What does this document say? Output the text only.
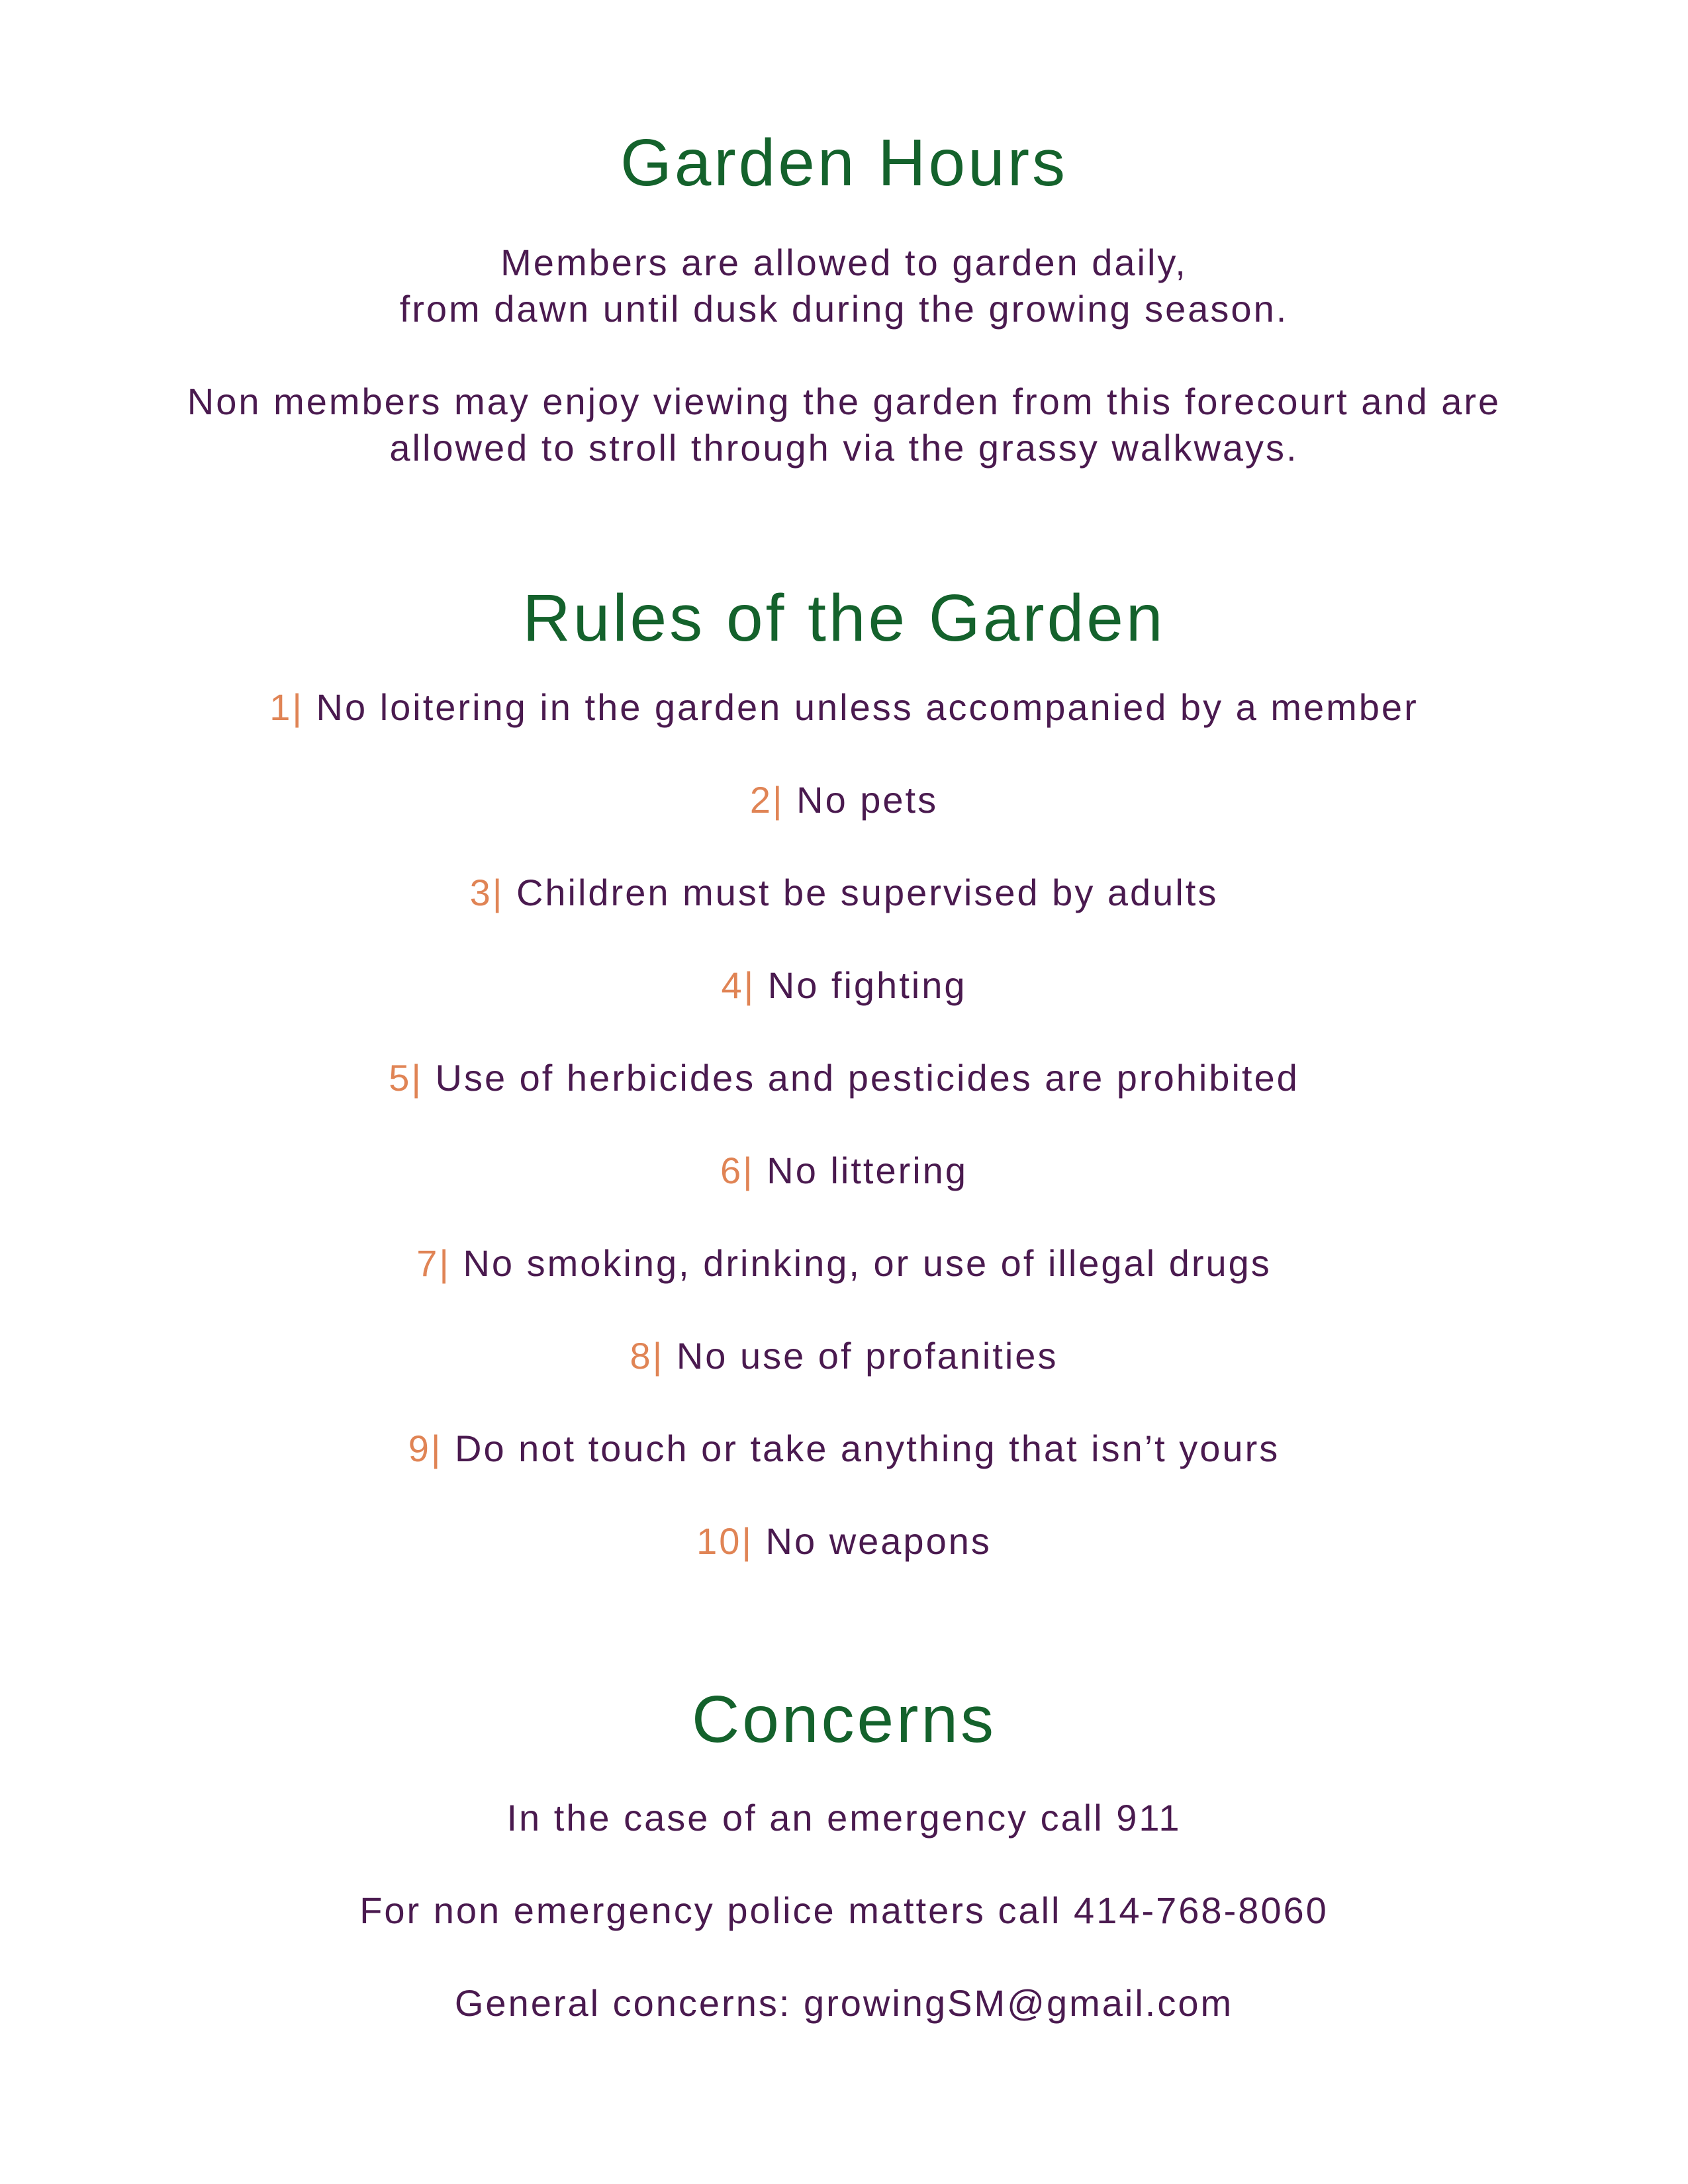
Garden Hours

Members are allowed to garden daily,

from dawn until dusk during the growing season.

Non members may enjoy viewing the garden from this forecourt and are

allowed to stroll through via the grassy walkways.

Rules of the Garden
1| No loitering in the garden unless accompanied by a member
2| No pets
3| Children must be supervised by adults
4| No fighting
5| Use of herbicides and pesticides are prohibited
6| No littering
7| No smoking, drinking, or use of illegal drugs
8| No use of profanities
9| Do not touch or take anything that isn’t yours
10| No weapons
Concerns

In the case of an emergency call 911

For non emergency police matters call 414-768-8060

General concerns: growingSM@gmail.com
